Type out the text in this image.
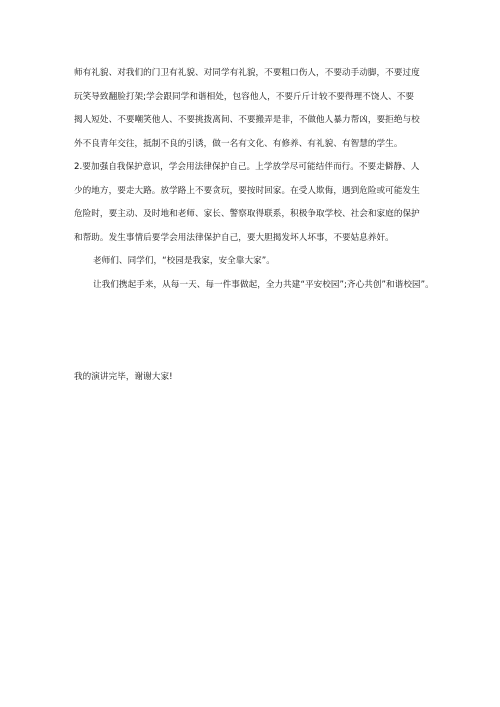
师有礼貌、对我们的门卫有礼貌、对同学有礼貌，不要粗口伤人，不要动手动脚，不要过度
玩笑导致翻脸打架;学会跟同学和谐相处，包容他人，不要斤斤计较不要得理不饶人、不要
揭人短处、不要嘲笑他人、不要挑拨离间、不要搬弄是非，不做他人暴力帮凶，要拒绝与校
外不良青年交往，抵制不良的引诱，做一名有文化、有修养、有礼貌、有智慧的学生。
2.要加强自我保护意识，学会用法律保护自己。上学放学尽可能结伴而行。不要走僻静、人
少的地方，要走大路。放学路上不要贪玩，要按时回家。在受人欺侮，遇到危险或可能发生
危险时，要主动、及时地和老师、家长、警察取得联系，积极争取学校、社会和家庭的保护
和帮助。发生事情后要学会用法律保护自己，要大胆揭发坏人坏事，不要姑息养奸。
老师们、同学们，“校园是我家，安全靠大家”。
让我们携起手来，从每一天、每一件事做起，全力共建“平安校园”;齐心共创”和谐校园”。
我的演讲完毕，谢谢大家!
